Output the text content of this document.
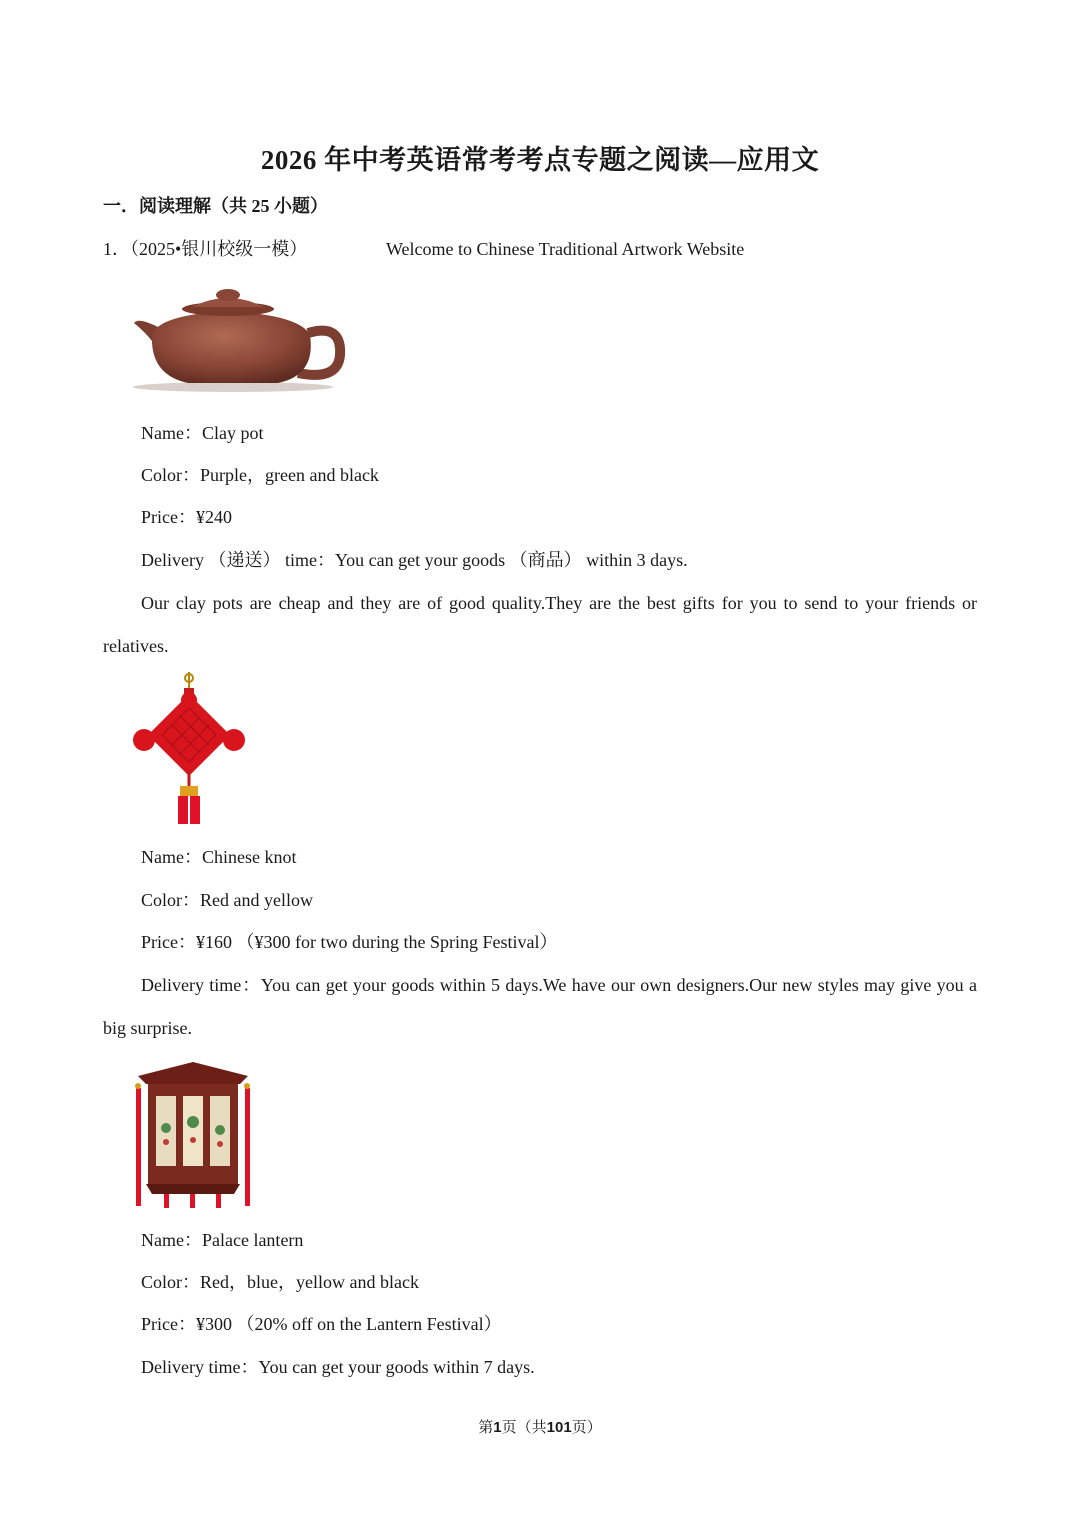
2026 年中考英语常考考点专题之阅读—应用文
一．阅读理解（共 25 小题）
1．（2025•银川校级一模）	Welcome to Chinese Traditional Artwork Website
Name：Clay pot
Color：Purple，green and black
Price：¥240
Delivery （递送） time：You can get your goods （商品） within 3 days.
Our clay pots are cheap and they are of good quality.They are the best gifts for you to send to your friends or relatives.
Name：Chinese knot
Color：Red and yellow
Price：¥160 （¥300 for two during the Spring Festival）
Delivery time：You can get your goods within 5 days.We have our own designers.Our new styles may give you a big surprise.
Name：Palace lantern
Color：Red，blue，yellow and black
Price：¥300 （20% off on the Lantern Festival）
Delivery time：You can get your goods within 7 days.
第1页（共101页）
